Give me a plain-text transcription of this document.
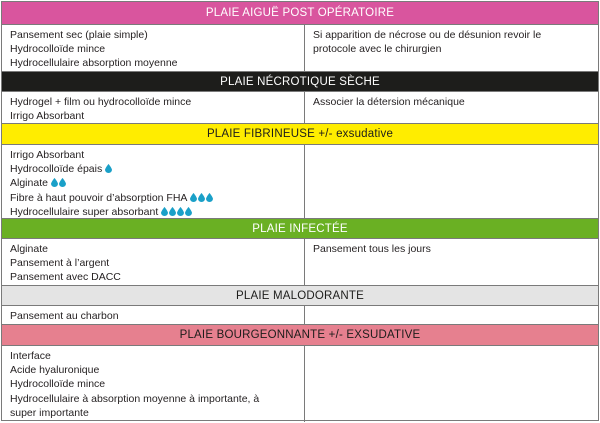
PLAIE AIGUË POST OPÉRATOIRE
Pansement sec (plaie simple)
Hydrocolloïde mince
Hydrocellulaire absorption moyenne
Si apparition de nécrose ou de désunion revoir le
protocole avec le chirurgien
PLAIE NÉCROTIQUE SÈCHE
Hydrogel + film ou hydrocolloïde mince
Irrigo Absorbant
Associer la détersion mécanique
PLAIE FIBRINEUSE +/- exsudative
Irrigo Absorbant
Hydrocolloïde épais
Alginate
Fibre à haut pouvoir d’absorption FHA
Hydrocellulaire super absorbant
PLAIE INFECTÉE
Alginate
Pansement à l’argent
Pansement avec DACC
Pansement tous les jours
PLAIE MALODORANTE
Pansement au charbon
PLAIE BOURGEONNANTE +/- EXSUDATIVE
Interface
Acide hyaluronique
Hydrocolloïde mince
Hydrocellulaire à absorption moyenne à importante, à
super importante
